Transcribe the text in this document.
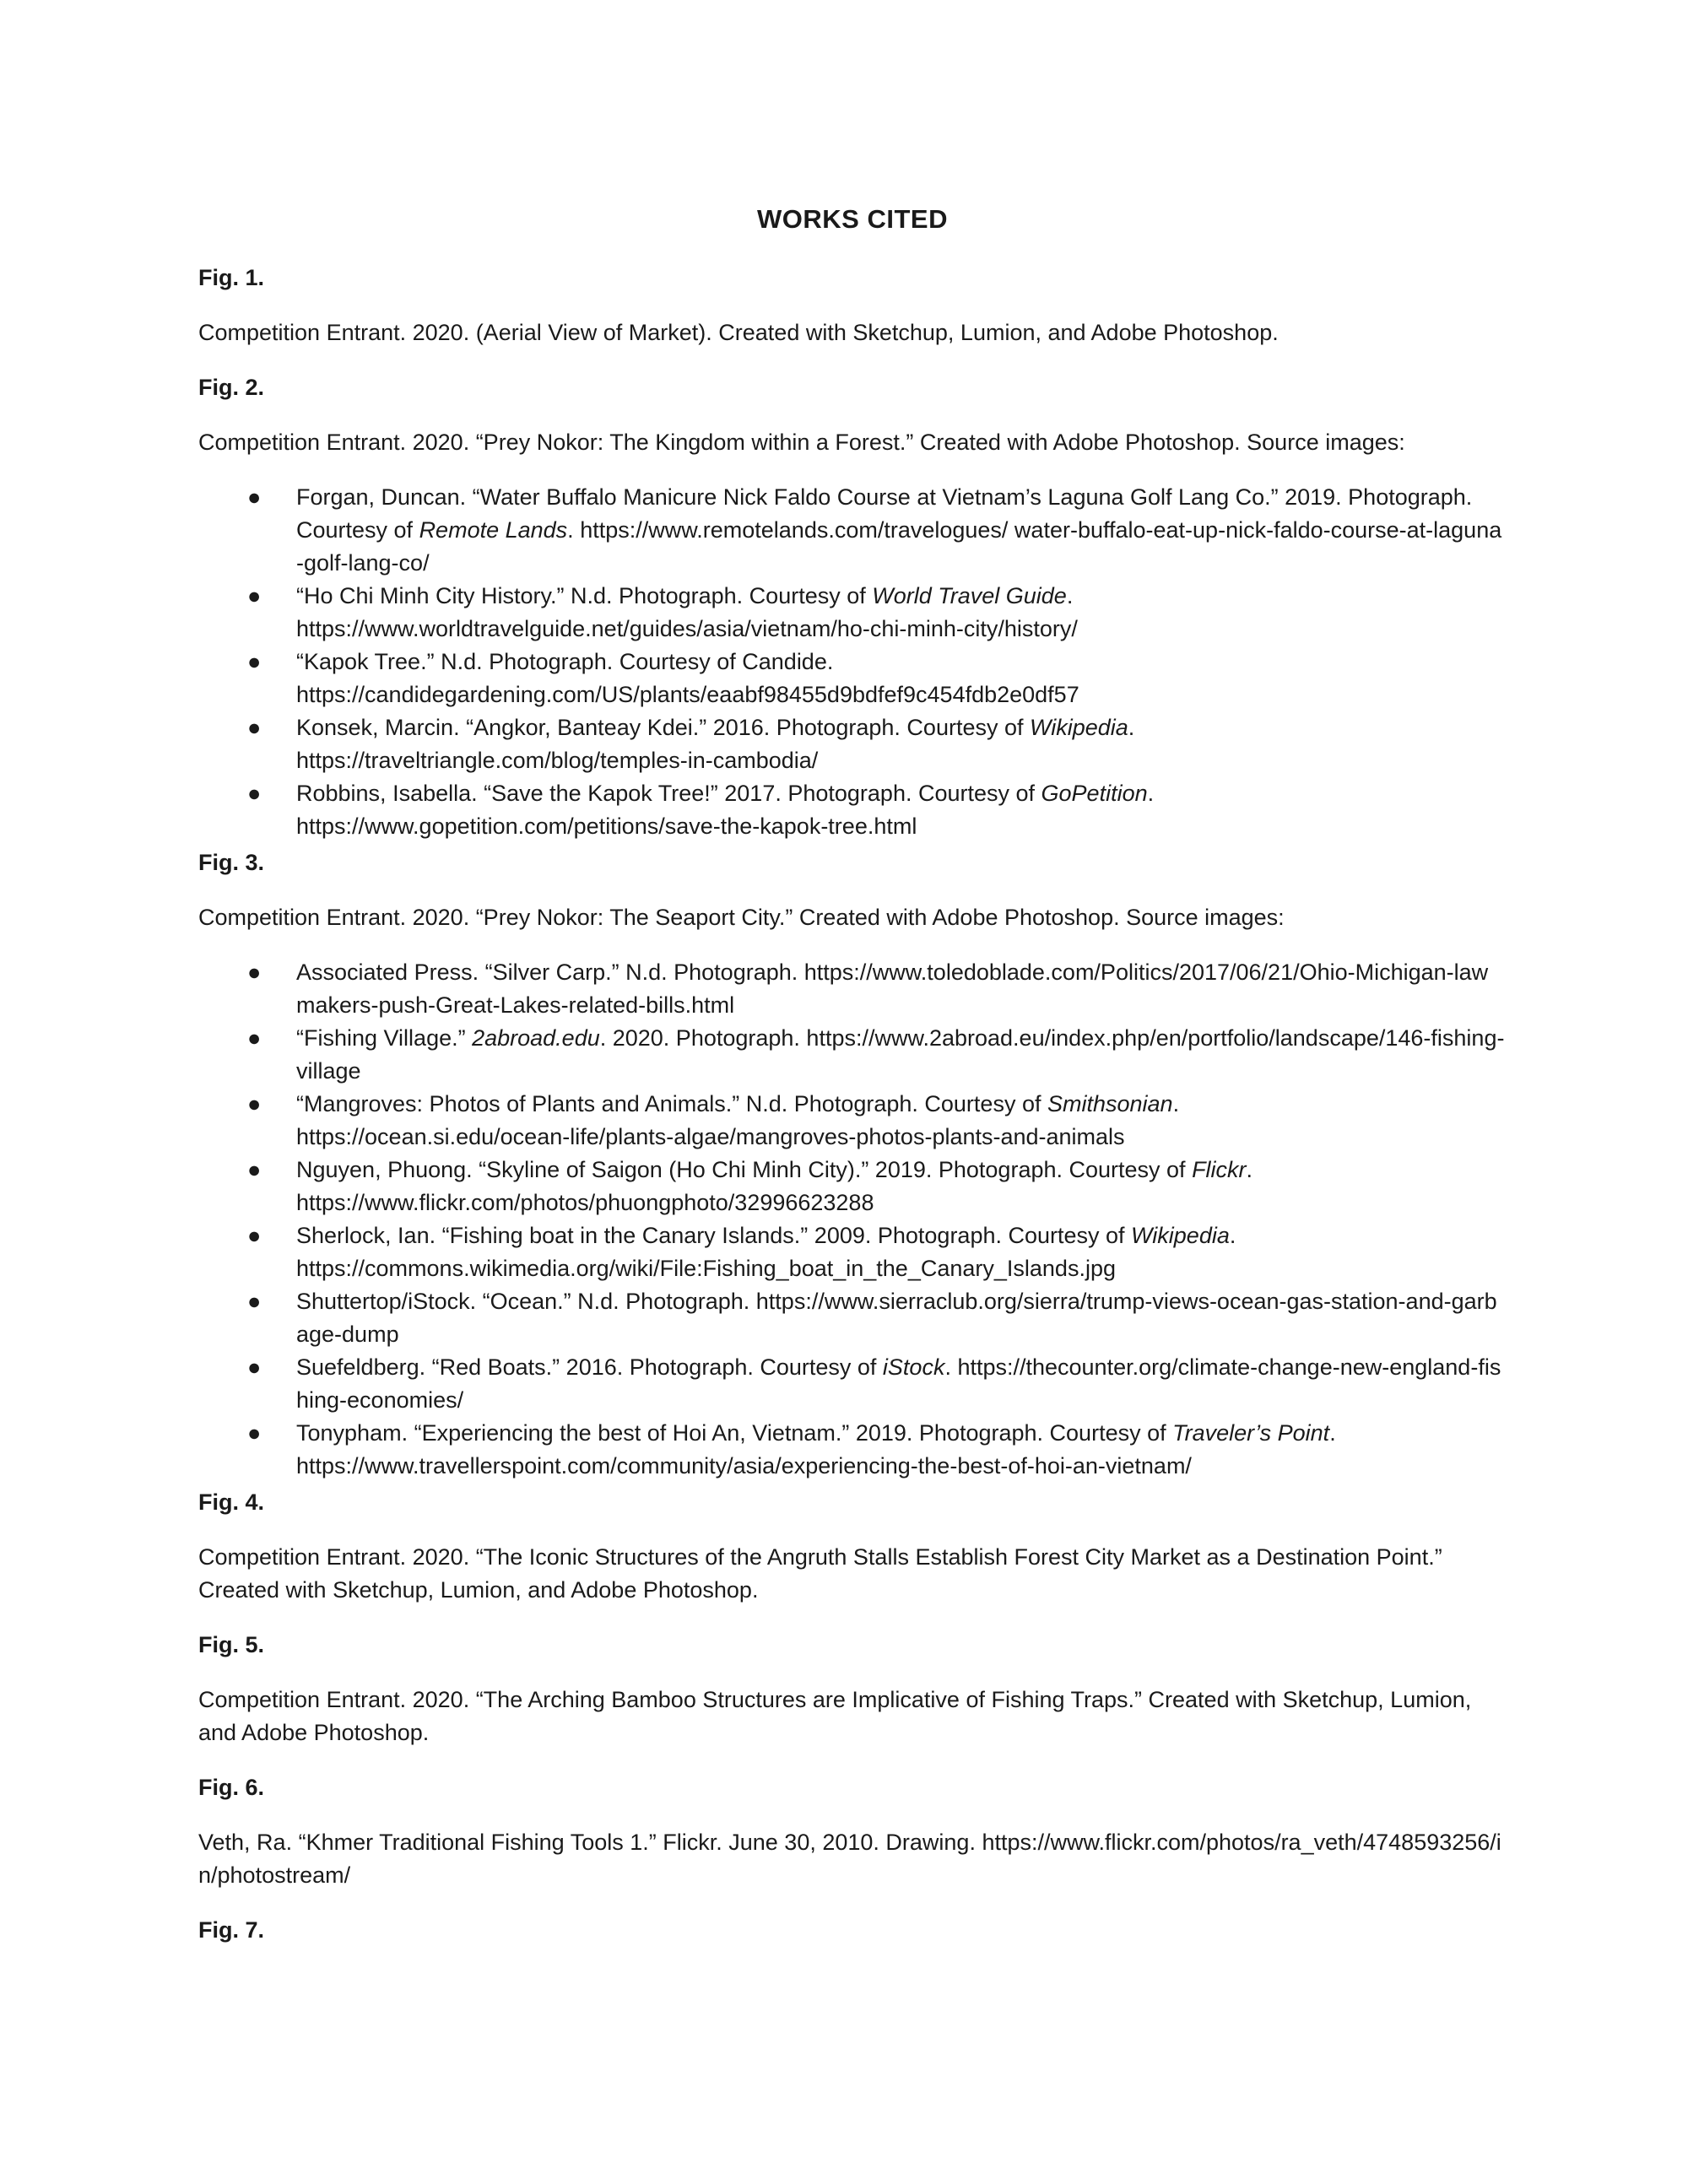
WORKS CITED
Fig. 1.
Competition Entrant. 2020. (Aerial View of Market). Created with Sketchup, Lumion, and Adobe Photoshop.
Fig. 2.
Competition Entrant. 2020. “Prey Nokor: The Kingdom within a Forest.” Created with Adobe Photoshop. Source images:
● Forgan, Duncan. “Water Buffalo Manicure Nick Faldo Course at Vietnam’s Laguna Golf Lang Co.” 2019. Photograph. Courtesy of Remote Lands. https://www.remotelands.com/travelogues/ water-buffalo-eat-up-nick-faldo-course-at-laguna-golf-lang-co/
● “Ho Chi Minh City History.” N.d. Photograph. Courtesy of World Travel Guide.
https://www.worldtravelguide.net/guides/asia/vietnam/ho-chi-minh-city/history/
● “Kapok Tree.” N.d. Photograph. Courtesy of Candide.
https://candidegardening.com/US/plants/eaabf98455d9bdfef9c454fdb2e0df57
● Konsek, Marcin. “Angkor, Banteay Kdei.” 2016. Photograph. Courtesy of Wikipedia.
https://traveltriangle.com/blog/temples-in-cambodia/
● Robbins, Isabella. “Save the Kapok Tree!” 2017. Photograph. Courtesy of GoPetition.
https://www.gopetition.com/petitions/save-the-kapok-tree.html
Fig. 3.
Competition Entrant. 2020. “Prey Nokor: The Seaport City.” Created with Adobe Photoshop. Source images:
● Associated Press. “Silver Carp.” N.d. Photograph. https://www.toledoblade.com/Politics/2017/06/21/Ohio-Michigan-lawmakers-push-Great-Lakes-related-bills.html
● “Fishing Village.” 2abroad.edu. 2020. Photograph. https://www.2abroad.eu/index.php/en/portfolio/landscape/146-fishing-village
● “Mangroves: Photos of Plants and Animals.” N.d. Photograph. Courtesy of Smithsonian.
https://ocean.si.edu/ocean-life/plants-algae/mangroves-photos-plants-and-animals
● Nguyen, Phuong. “Skyline of Saigon (Ho Chi Minh City).” 2019. Photograph. Courtesy of Flickr.
https://www.flickr.com/photos/phuongphoto/32996623288
● Sherlock, Ian. “Fishing boat in the Canary Islands.” 2009. Photograph. Courtesy of Wikipedia.
https://commons.wikimedia.org/wiki/File:Fishing_boat_in_the_Canary_Islands.jpg
● Shuttertop/iStock. “Ocean.” N.d. Photograph. https://www.sierraclub.org/sierra/trump-views-ocean-gas-station-and-garbage-dump
● Suefeldberg. “Red Boats.” 2016. Photograph. Courtesy of iStock. https://thecounter.org/climate-change-new-england-fishing-economies/
● Tonypham. “Experiencing the best of Hoi An, Vietnam.” 2019. Photograph. Courtesy of Traveler’s Point.
https://www.travellerspoint.com/community/asia/experiencing-the-best-of-hoi-an-vietnam/
Fig. 4.
Competition Entrant. 2020. “The Iconic Structures of the Angruth Stalls Establish Forest City Market as a Destination Point.” Created with Sketchup, Lumion, and Adobe Photoshop.
Fig. 5.
Competition Entrant. 2020. “The Arching Bamboo Structures are Implicative of Fishing Traps.” Created with Sketchup, Lumion, and Adobe Photoshop.
Fig. 6.
Veth, Ra. “Khmer Traditional Fishing Tools 1.” Flickr. June 30, 2010. Drawing. https://www.flickr.com/photos/ra_veth/4748593256/in/photostream/
Fig. 7.
